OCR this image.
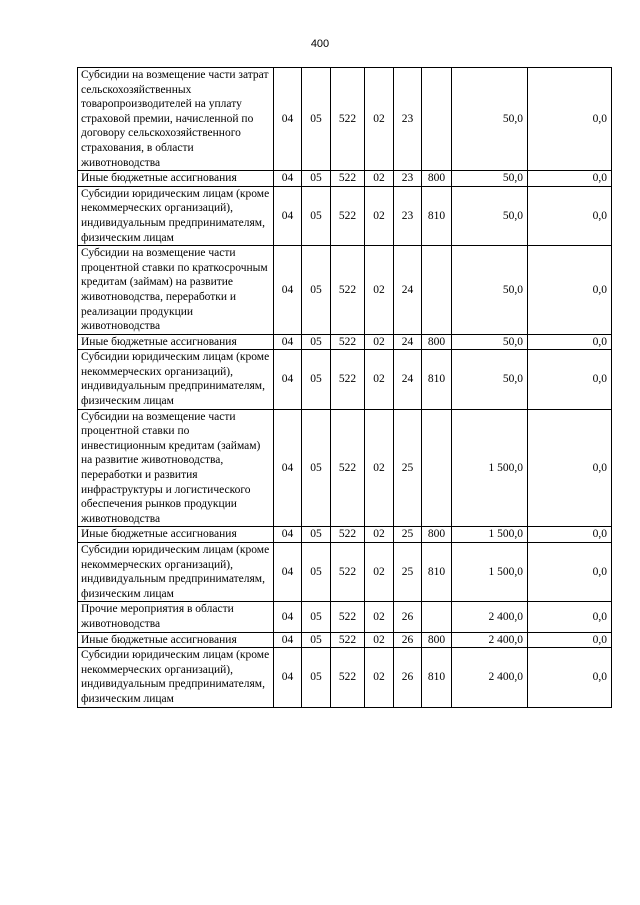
400
Субсидии на возмещение части затрат сельскохозяйственных товаропроизводителей на уплату страховой премии, начисленной по договору сельскохозяйственного страхования, в области животноводства	04	05	522	02	23		50,0	0,0
Иные бюджетные ассигнования	04	05	522	02	23	800	50,0	0,0
Субсидии юридическим лицам (кроме некоммерческих организаций), индивидуальным предпринимателям, физическим лицам	04	05	522	02	23	810	50,0	0,0
Субсидии на возмещение части процентной ставки по краткосрочным кредитам (займам) на развитие животноводства, переработки и реализации продукции животноводства	04	05	522	02	24		50,0	0,0
Иные бюджетные ассигнования	04	05	522	02	24	800	50,0	0,0
Субсидии юридическим лицам (кроме некоммерческих организаций), индивидуальным предпринимателям, физическим лицам	04	05	522	02	24	810	50,0	0,0
Субсидии на возмещение части процентной ставки по инвестиционным кредитам (займам) на развитие животноводства, переработки и развития инфраструктуры и логистического обеспечения рынков продукции животноводства	04	05	522	02	25		1 500,0	0,0
Иные бюджетные ассигнования	04	05	522	02	25	800	1 500,0	0,0
Субсидии юридическим лицам (кроме некоммерческих организаций), индивидуальным предпринимателям, физическим лицам	04	05	522	02	25	810	1 500,0	0,0
Прочие мероприятия в области животноводства	04	05	522	02	26		2 400,0	0,0
Иные бюджетные ассигнования	04	05	522	02	26	800	2 400,0	0,0
Субсидии юридическим лицам (кроме некоммерческих организаций), индивидуальным предпринимателям, физическим лицам	04	05	522	02	26	810	2 400,0	0,0
